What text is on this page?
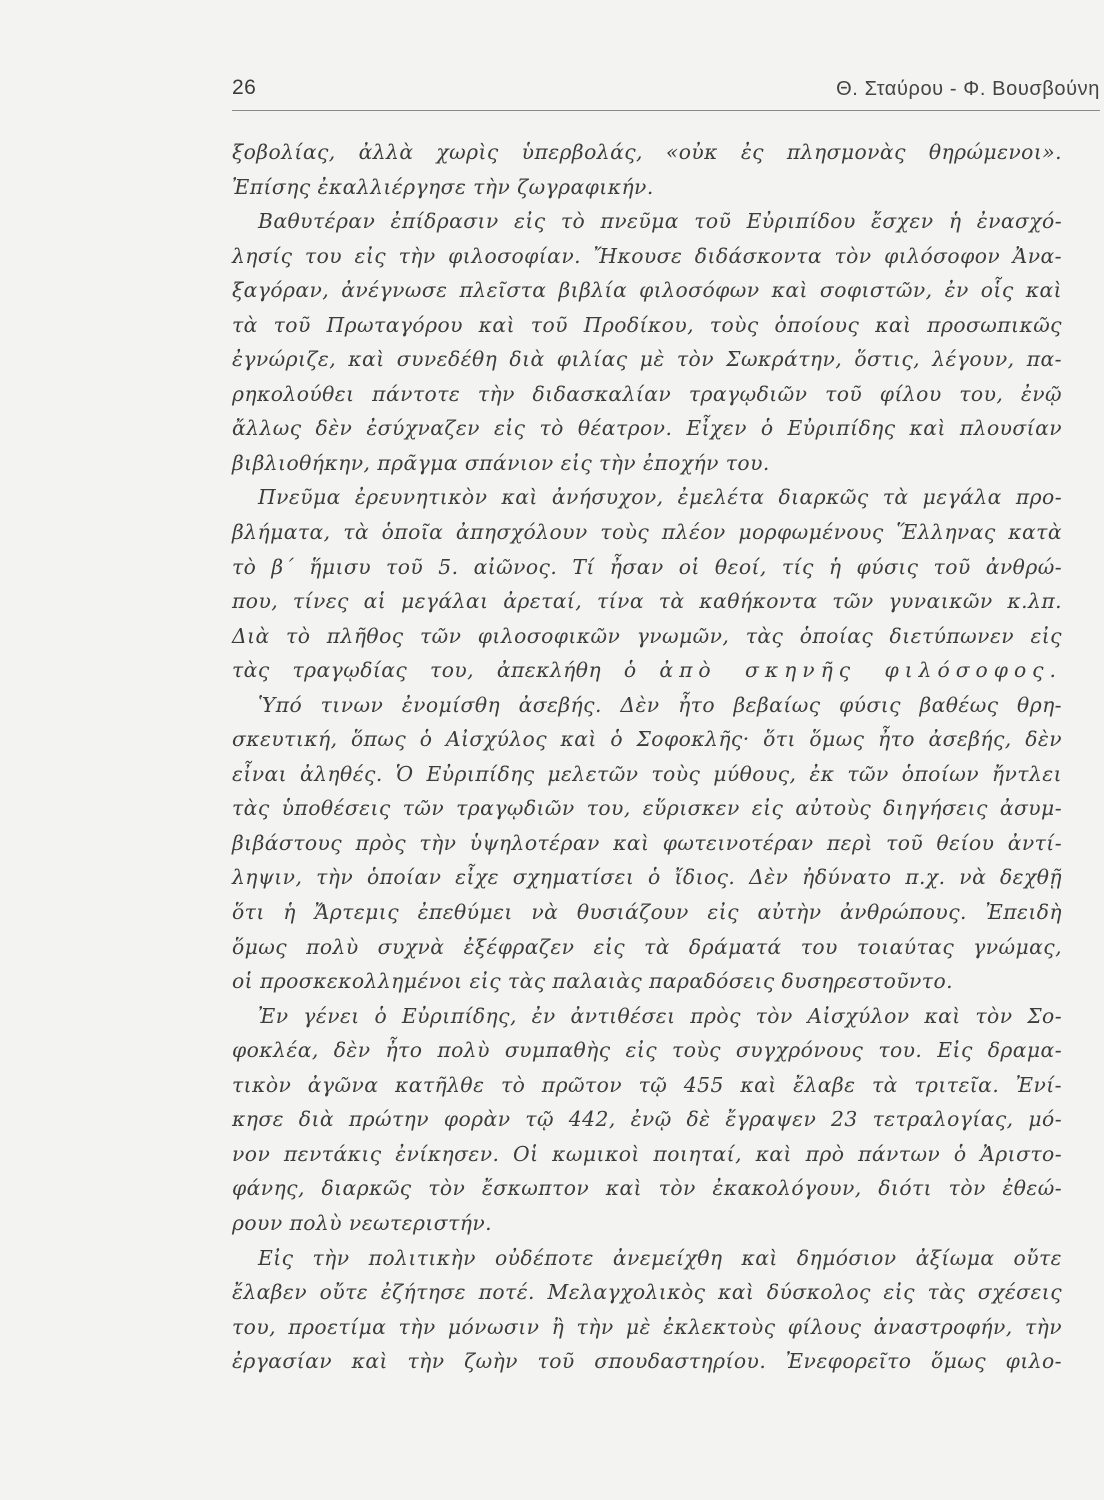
26	Θ. Σταύρου - Φ. Βουσβούνη
ξοβολίας, ἀλλὰ χωρὶς ὑπερβολάς, «οὐκ ἐς πλησμονὰς θηρώμενοι».
Ἐπίσης ἐκαλλιέργησε τὴν ζωγραφικήν.
Βαθυτέραν ἐπίδρασιν εἰς τὸ πνεῦμα τοῦ Εὐριπίδου ἔσχεν ἡ ἐνασχό-
λησίς του εἰς τὴν φιλοσοφίαν. Ἤκουσε διδάσκοντα τὸν φιλόσοφον Ἀνα-
ξαγόραν, ἀνέγνωσε πλεῖστα βιβλία φιλοσόφων καὶ σοφιστῶν, ἐν οἷς καὶ
τὰ τοῦ Πρωταγόρου καὶ τοῦ Προδίκου, τοὺς ὁποίους καὶ προσωπικῶς
ἐγνώριζε, καὶ συνεδέθη διὰ φιλίας μὲ τὸν Σωκράτην, ὅστις, λέγουν, πα-
ρηκολούθει πάντοτε τὴν διδασκαλίαν τραγῳδιῶν τοῦ φίλου του, ἐνῷ
ἄλλως δὲν ἐσύχναζεν εἰς τὸ θέατρον. Εἶχεν ὁ Εὐριπίδης καὶ πλουσίαν
βιβλιοθήκην, πρᾶγμα σπάνιον εἰς τὴν ἐποχήν του.
Πνεῦμα ἐρευνητικὸν καὶ ἀνήσυχον, ἐμελέτα διαρκῶς τὰ μεγάλα προ-
βλήματα, τὰ ὁποῖα ἀπησχόλουν τοὺς πλέον μορφωμένους Ἕλληνας κατὰ
τὸ β΄ ἥμισυ τοῦ 5. αἰῶνος. Τί ἦσαν οἱ θεοί, τίς ἡ φύσις τοῦ ἀνθρώ-
που, τίνες αἱ μεγάλαι ἀρεταί, τίνα τὰ καθήκοντα τῶν γυναικῶν κ.λπ.
Διὰ τὸ πλῆθος τῶν φιλοσοφικῶν γνωμῶν, τὰς ὁποίας διετύπωνεν εἰς
τὰς τραγῳδίας του, ἀπεκλήθη ὁ ἀπὸ σκηνῆς φιλόσοφος.
Ὑπό τινων ἐνομίσθη ἀσεβής. Δὲν ἦτο βεβαίως φύσις βαθέως θρη-
σκευτική, ὅπως ὁ Αἰσχύλος καὶ ὁ Σοφοκλῆς· ὅτι ὅμως ἦτο ἀσεβής, δὲν
εἶναι ἀληθές. Ὁ Εὐριπίδης μελετῶν τοὺς μύθους, ἐκ τῶν ὁποίων ἤντλει
τὰς ὑποθέσεις τῶν τραγῳδιῶν του, εὕρισκεν εἰς αὐτοὺς διηγήσεις ἀσυμ-
βιβάστους πρὸς τὴν ὑψηλοτέραν καὶ φωτεινοτέραν περὶ τοῦ θείου ἀντί-
ληψιν, τὴν ὁποίαν εἶχε σχηματίσει ὁ ἴδιος. Δὲν ἠδύνατο π.χ. νὰ δεχθῇ
ὅτι ἡ Ἄρτεμις ἐπεθύμει νὰ θυσιάζουν εἰς αὐτὴν ἀνθρώπους. Ἐπειδὴ
ὅμως πολὺ συχνὰ ἐξέφραζεν εἰς τὰ δράματά του τοιαύτας γνώμας,
οἱ προσκεκολλημένοι εἰς τὰς παλαιὰς παραδόσεις δυσηρεστοῦντο.
Ἐν γένει ὁ Εὐριπίδης, ἐν ἀντιθέσει πρὸς τὸν Αἰσχύλον καὶ τὸν Σο-
φοκλέα, δὲν ἦτο πολὺ συμπαθὴς εἰς τοὺς συγχρόνους του. Εἰς δραμα-
τικὸν ἀγῶνα κατῆλθε τὸ πρῶτον τῷ 455 καὶ ἔλαβε τὰ τριτεῖα. Ἐνί-
κησε διὰ πρώτην φορὰν τῷ 442, ἐνῷ δὲ ἔγραψεν 23 τετραλογίας, μό-
νον πεντάκις ἐνίκησεν. Οἱ κωμικοὶ ποιηταί, καὶ πρὸ πάντων ὁ Ἀριστο-
φάνης, διαρκῶς τὸν ἔσκωπτον καὶ τὸν ἐκακολόγουν, διότι τὸν ἐθεώ-
ρουν πολὺ νεωτεριστήν.
Εἰς τὴν πολιτικὴν οὐδέποτε ἀνεμείχθη καὶ δημόσιον ἀξίωμα οὔτε
ἔλαβεν οὔτε ἐζήτησε ποτέ. Μελαγχολικὸς καὶ δύσκολος εἰς τὰς σχέσεις
του, προετίμα τὴν μόνωσιν ἢ τὴν μὲ ἐκλεκτοὺς φίλους ἀναστροφήν, τὴν
ἐργασίαν καὶ τὴν ζωὴν τοῦ σπουδαστηρίου. Ἐνεφορεῖτο ὅμως φιλο-
